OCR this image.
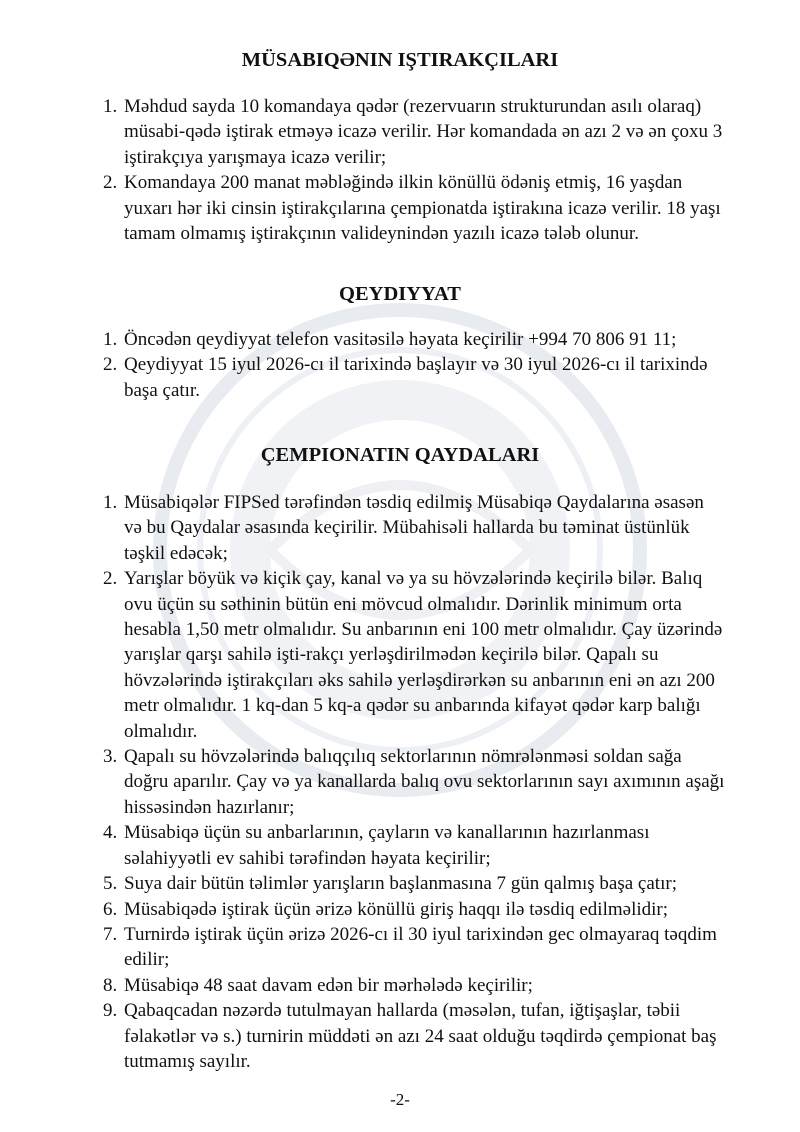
MÜSABIQƏNIN IŞTIRAKÇILARI
1. Məhdud sayda 10 komandaya qədər (rezervuarın strukturundan asılı olaraq) müsabi-qədə iştirak etməyə icazə verilir. Hər komandada ən azı 2 və ən çoxu 3 iştirakçıya yarışmaya icazə verilir;
2. Komandaya 200 manat məbləğində ilkin könüllü ödəniş etmiş, 16 yaşdan yuxarı hər iki cinsin iştirakçılarına çempionatda iştirakına icazə verilir. 18 yaşı tamam olmamış iştirakçının valideynindən yazılı icazə tələb olunur.
QEYDIYYAT
1. Öncədən qeydiyyat telefon vasitəsilə həyata keçirilir +994 70 806 91 11;
2. Qeydiyyat 15 iyul 2026-cı il tarixində başlayır və 30 iyul 2026-cı il tarixində başa çatır.
ÇEMPIONATIN QAYDALARI
1. Müsabiqələr FIPSed tərəfindən təsdiq edilmiş Müsabiqə Qaydalarına əsasən və bu Qaydalar əsasında keçirilir. Mübahisəli hallarda bu təminat üstünlük təşkil edəcək;
2. Yarışlar böyük və kiçik çay, kanal və ya su hövzələrində keçirilə bilər. Balıq ovu üçün su səthinin bütün eni mövcud olmalıdır. Dərinlik minimum orta hesabla 1,50 metr olmalıdır. Su anbarının eni 100 metr olmalıdır. Çay üzərində yarışlar qarşı sahilə işti-rakçı yerləşdirilmədən keçirilə bilər. Qapalı su hövzələrində iştirakçıları əks sahilə yerləşdirərkən su anbarının eni ən azı 200 metr olmalıdır. 1 kq-dan 5 kq-a qədər su anbarında kifayət qədər karp balığı olmalıdır.
3. Qapalı su hövzələrində balıqçılıq sektorlarının nömrələnməsi soldan sağa doğru aparılır. Çay və ya kanallarda balıq ovu sektorlarının sayı axımının aşağı hissəsindən hazırlanır;
4. Müsabiqə üçün su anbarlarının, çayların və kanallarının hazırlanması səlahiyyətli ev sahibi tərəfindən həyata keçirilir;
5. Suya dair bütün təlimlər yarışların başlanmasına 7 gün qalmış başa çatır;
6. Müsabiqədə iştirak üçün ərizə könüllü giriş haqqı ilə təsdiq edilməlidir;
7. Turnirdə iştirak üçün ərizə 2026-cı il 30 iyul tarixindən gec olmayaraq təqdim edilir;
8. Müsabiqə 48 saat davam edən bir mərhələdə keçirilir;
9. Qabaqcadan nəzərdə tutulmayan hallarda (məsələn, tufan, iğtişaşlar, təbii fəlakətlər və s.) turnirin müddəti ən azı 24 saat olduğu təqdirdə çempionat baş tutmamış sayılır.
-2-
